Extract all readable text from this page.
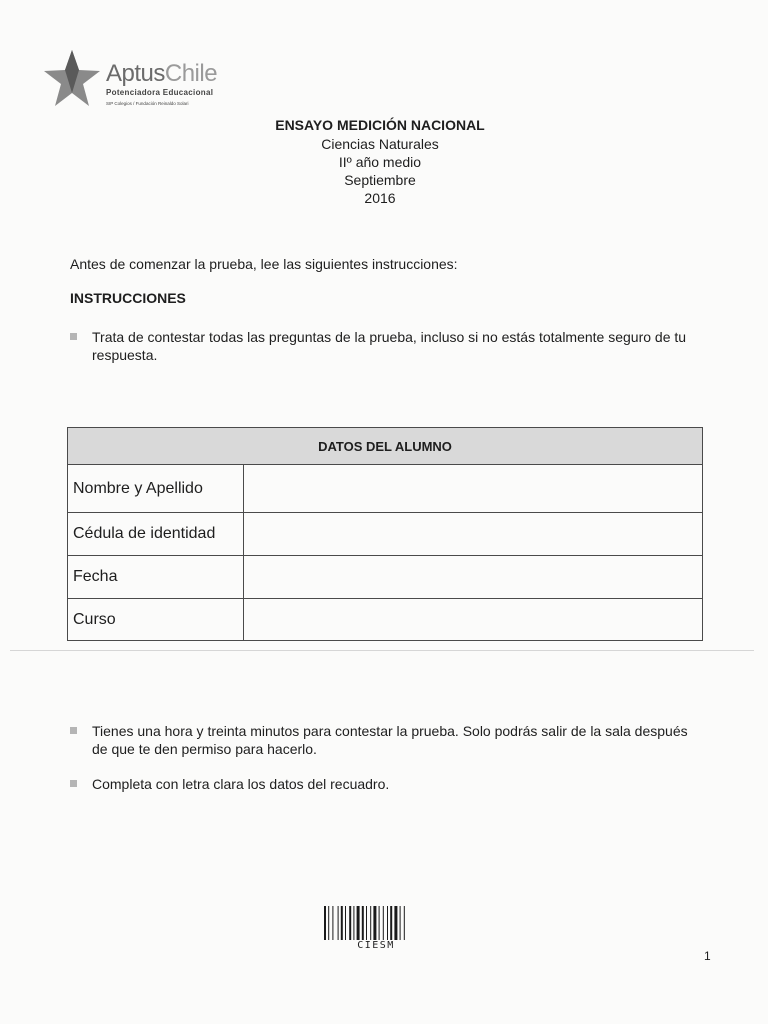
AptusChile
Potenciadora Educacional
SIP Colegios / Fundación Reinaldo Solari
ENSAYO MEDICIÓN NACIONAL
Ciencias Naturales
IIº año medio
Septiembre
2016
Antes de comenzar la prueba, lee las siguientes instrucciones:
INSTRUCCIONES
Trata de contestar todas las preguntas de la prueba, incluso si no estás totalmente seguro de tu respuesta.
DATOS DEL ALUMNO	
Nombre y Apellido	
Cédula de identidad	
Fecha	
Curso	
Tienes una hora y treinta minutos para contestar la prueba. Solo podrás salir de la sala después de que te den permiso para hacerlo.
Completa con letra clara los datos del recuadro.
CIESM
1
